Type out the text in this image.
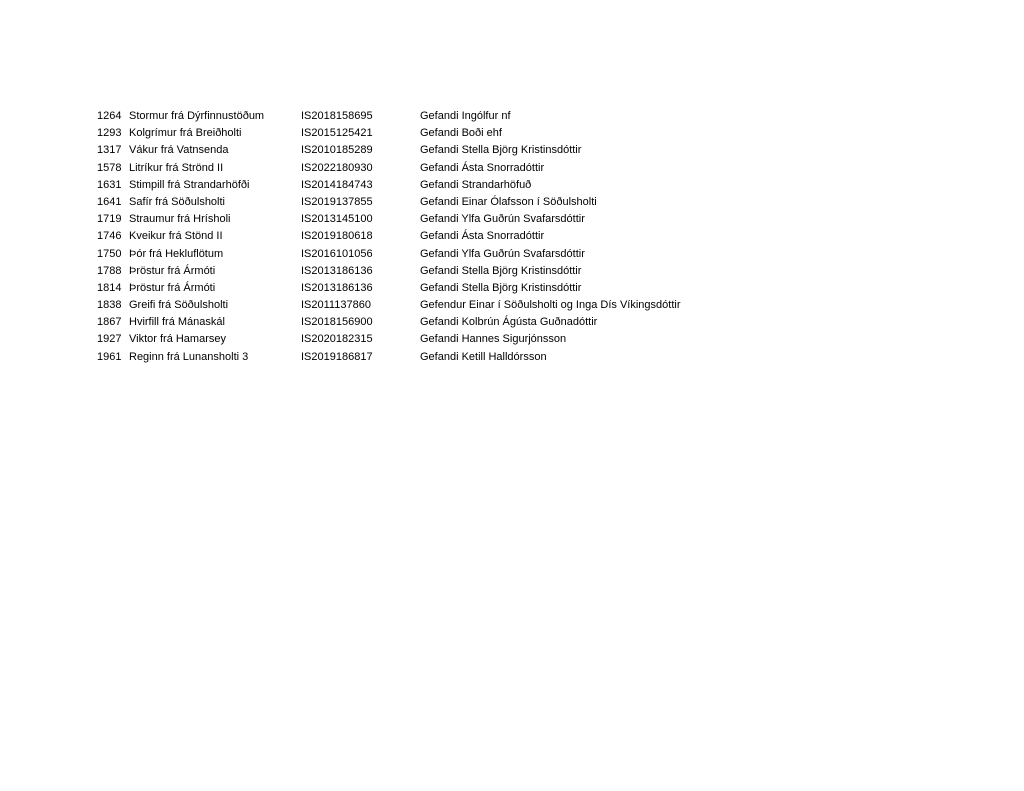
1264 Stormur frá Dýrfinnustöðum	IS2018158695	Gefandi Ingólfur nf
1293 Kolgrímur frá Breiðholti	IS2015125421	Gefandi Boði ehf
1317 Vákur frá Vatnsenda	IS2010185289	Gefandi Stella Björg Kristinsdóttir
1578 Litríkur frá Strönd II	IS2022180930	Gefandi Ásta Snorradóttir
1631 Stimpill frá Strandarhöfði	IS2014184743	Gefandi Strandarhöfuð
1641 Safír frá Söðulsholti	IS2019137855	Gefandi Einar Ólafsson í Söðulsholti
1719 Straumur frá Hrísholi	IS2013145100	Gefandi Ylfa Guðrún Svafarsdóttir
1746 Kveikur frá Stönd II	IS2019180618	Gefandi Ásta Snorradóttir
1750 Þór frá Hekluflötum	IS2016101056	Gefandi Ylfa Guðrún Svafarsdóttir
1788 Þröstur frá Ármóti	IS2013186136	Gefandi Stella Björg Kristinsdóttir
1814 Þröstur frá Ármóti	IS2013186136	Gefandi Stella Björg Kristinsdóttir
1838 Greifi frá Söðulsholti	IS2011137860	Gefendur Einar í Söðulsholti og Inga Dís Víkingsdóttir
1867 Hvirfill frá Mánaskál	IS2018156900	Gefandi Kolbrún Ágústa Guðnadóttir
1927 Viktor frá Hamarsey	IS2020182315	Gefandi Hannes Sigurjónsson
1961 Reginn frá Lunansholti 3	IS2019186817	Gefandi Ketill Halldórsson
